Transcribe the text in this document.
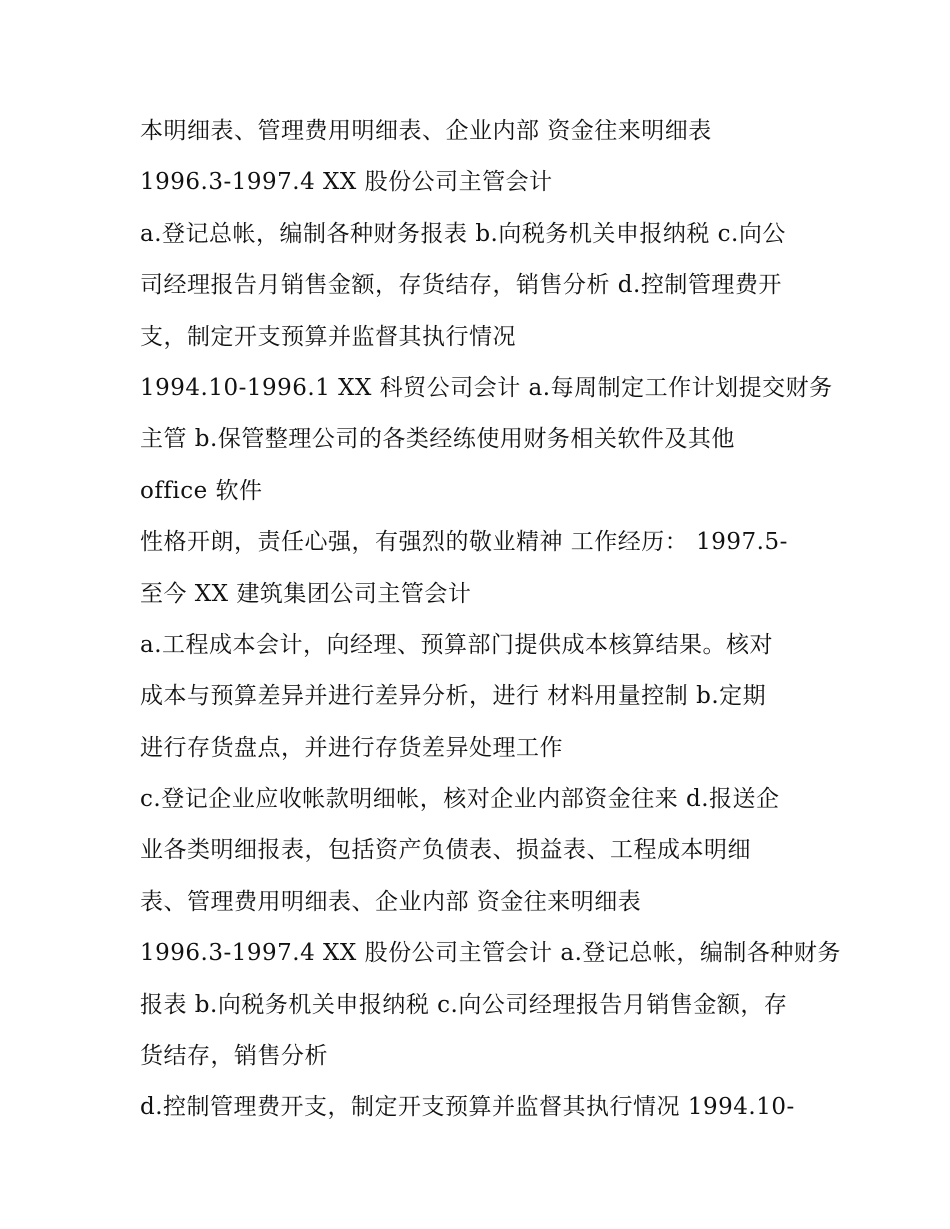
本明细表、管理费用明细表、企业内部 资金往来明细表
1996.3-1997.4 XX 股份公司主管会计
a.登记总帐，编制各种财务报表 b.向税务机关申报纳税 c.向公
司经理报告月销售金额，存货结存，销售分析 d.控制管理费开
支，制定开支预算并监督其执行情况
1994.10-1996.1 XX 科贸公司会计 a.每周制定工作计划提交财务
主管 b.保管整理公司的各类经练使用财务相关软件及其他
office 软件
性格开朗，责任心强，有强烈的敬业精神 工作经历： 1997.5-
至今 XX 建筑集团公司主管会计
a.工程成本会计，向经理、预算部门提供成本核算结果。核对
成本与预算差异并进行差异分析，进行 材料用量控制 b.定期
进行存货盘点，并进行存货差异处理工作
c.登记企业应收帐款明细帐，核对企业内部资金往来 d.报送企
业各类明细报表，包括资产负债表、损益表、工程成本明细
表、管理费用明细表、企业内部 资金往来明细表
1996.3-1997.4 XX 股份公司主管会计 a.登记总帐，编制各种财务
报表 b.向税务机关申报纳税 c.向公司经理报告月销售金额，存
货结存，销售分析
d.控制管理费开支，制定开支预算并监督其执行情况 1994.10-
